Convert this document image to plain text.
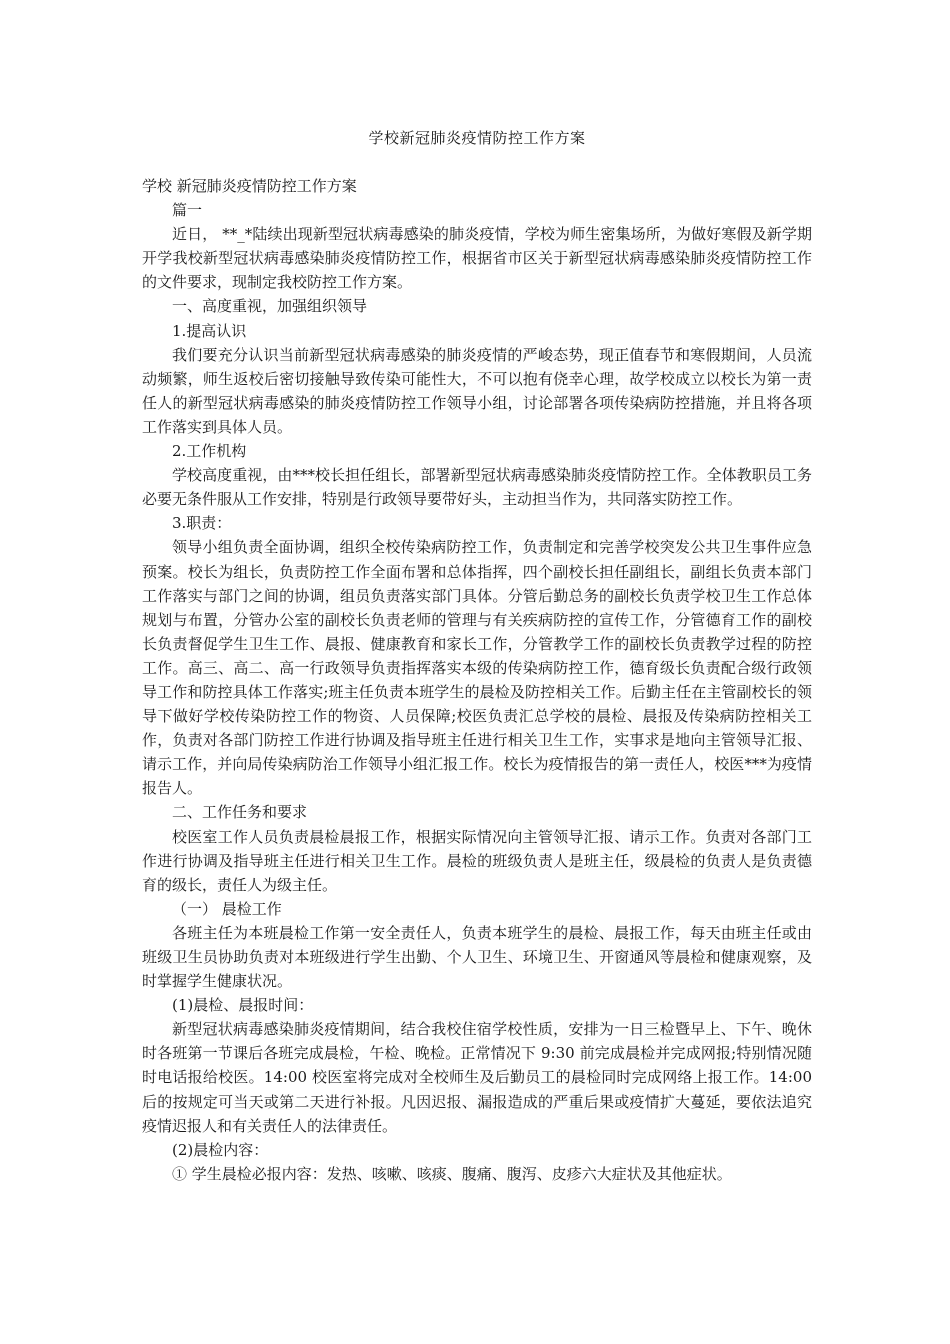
学校新冠肺炎疫情防控工作方案

学校 新冠肺炎疫情防控工作方案

篇一

近日， **_*陆续出现新型冠状病毒感染的肺炎疫情，学校为师生密集场所，为做好寒假及新学期开学我校新型冠状病毒感染肺炎疫情防控工作，根据省市区关于新型冠状病毒感染肺炎疫情防控工作的文件要求，现制定我校防控工作方案。

一、高度重视，加强组织领导

1.提高认识

我们要充分认识当前新型冠状病毒感染的肺炎疫情的严峻态势，现正值春节和寒假期间，人员流动频繁，师生返校后密切接触导致传染可能性大，不可以抱有侥幸心理，故学校成立以校长为第一责任人的新型冠状病毒感染的肺炎疫情防控工作领导小组，讨论部署各项传染病防控措施，并且将各项工作落实到具体人员。

2.工作机构

学校高度重视，由***校长担任组长，部署新型冠状病毒感染肺炎疫情防控工作。全体教职员工务必要无条件服从工作安排，特别是行政领导要带好头，主动担当作为，共同落实防控工作。

3.职责：

领导小组负责全面协调，组织全校传染病防控工作，负责制定和完善学校突发公共卫生事件应急预案。校长为组长，负责防控工作全面布署和总体指挥，四个副校长担任副组长，副组长负责本部门工作落实与部门之间的协调，组员负责落实部门具体。分管后勤总务的副校长负责学校卫生工作总体规划与布置，分管办公室的副校长负责老师的管理与有关疾病防控的宣传工作，分管德育工作的副校长负责督促学生卫生工作、晨报、健康教育和家长工作，分管教学工作的副校长负责教学过程的防控工作。高三、高二、高一行政领导负责指挥落实本级的传染病防控工作，德育级长负责配合级行政领导工作和防控具体工作落实;班主任负责本班学生的晨检及防控相关工作。后勤主任在主管副校长的领导下做好学校传染防控工作的物资、人员保障;校医负责汇总学校的晨检、晨报及传染病防控相关工作，负责对各部门防控工作进行协调及指导班主任进行相关卫生工作，实事求是地向主管领导汇报、请示工作，并向局传染病防治工作领导小组汇报工作。校长为疫情报告的第一责任人，校医***为疫情报告人。

二、工作任务和要求

校医室工作人员负责晨检晨报工作，根据实际情况向主管领导汇报、请示工作。负责对各部门工作进行协调及指导班主任进行相关卫生工作。晨检的班级负责人是班主任，级晨检的负责人是负责德育的级长，责任人为级主任。

（一） 晨检工作

各班主任为本班晨检工作第一安全责任人，负责本班学生的晨检、晨报工作，每天由班主任或由班级卫生员协助负责对本班级进行学生出勤、个人卫生、环境卫生、开窗通风等晨检和健康观察，及时掌握学生健康状况。

(1)晨检、晨报时间：

新型冠状病毒感染肺炎疫情期间，结合我校住宿学校性质，安排为一日三检暨早上、下午、晚休时各班第一节课后各班完成晨检，午检、晚检。正常情况下 9:30 前完成晨检并完成网报;特别情况随时电话报给校医。14:00 校医室将完成对全校师生及后勤员工的晨检同时完成网络上报工作。14:00 后的按规定可当天或第二天进行补报。凡因迟报、漏报造成的严重后果或疫情扩大蔓延，要依法追究疫情迟报人和有关责任人的法律责任。

(2)晨检内容：

① 学生晨检必报内容：发热、咳嗽、咳痰、腹痛、腹泻、皮疹六大症状及其他症状。
